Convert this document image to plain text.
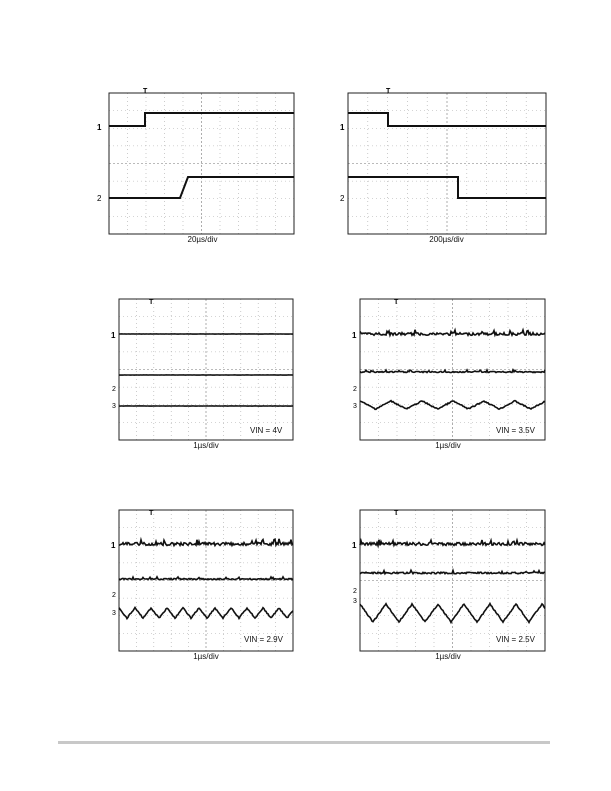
1
2
T
20µs/div
1
2
T
200µs/div
1
2
3
T
VIN = 4V
1µs/div
1
2
3
T
VIN = 3.5V
1µs/div
1
2
3
T
VIN = 2.9V
1µs/div
1
2
3
T
VIN = 2.5V
1µs/div
